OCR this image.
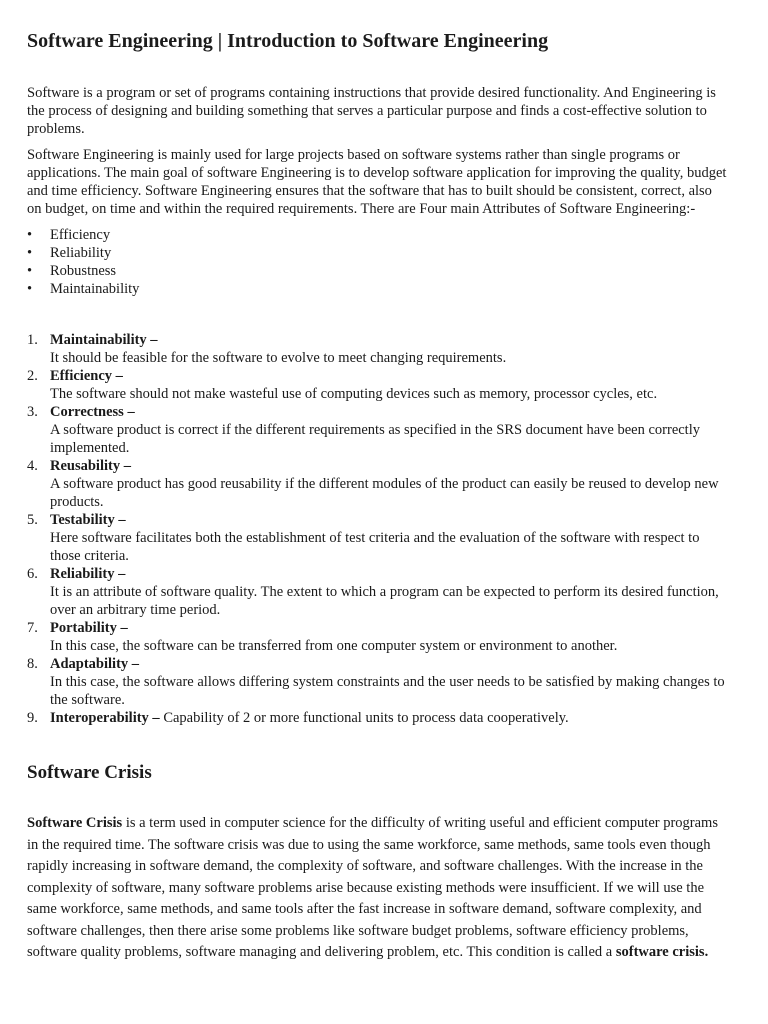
Software Engineering | Introduction to Software Engineering

Software is a program or set of programs containing instructions that provide desired functionality. And Engineering is the process of designing and building something that serves a particular purpose and finds a cost-effective solution to problems.

Software Engineering is mainly used for large projects based on software systems rather than single programs or applications. The main goal of software Engineering is to develop software application for improving the quality, budget and time efficiency. Software Engineering ensures that the software that has to built should be consistent, correct, also on budget, on time and within the required requirements. There are Four main Attributes of Software Engineering:-

• Efficiency
• Reliability
• Robustness
• Maintainability
1. Maintainability –
It should be feasible for the software to evolve to meet changing requirements.
2. Efficiency –
The software should not make wasteful use of computing devices such as memory, processor cycles, etc.
3. Correctness –
A software product is correct if the different requirements as specified in the SRS document have been correctly implemented.
4. Reusability –
A software product has good reusability if the different modules of the product can easily be reused to develop new products.
5. Testability –
Here software facilitates both the establishment of test criteria and the evaluation of the software with respect to those criteria.
6. Reliability –
It is an attribute of software quality. The extent to which a program can be expected to perform its desired function, over an arbitrary time period.
7. Portability –
In this case, the software can be transferred from one computer system or environment to another.
8. Adaptability –
In this case, the software allows differing system constraints and the user needs to be satisfied by making changes to the software.
9. Interoperability – Capability of 2 or more functional units to process data cooperatively.
Software Crisis

Software Crisis is a term used in computer science for the difficulty of writing useful and efficient computer programs in the required time. The software crisis was due to using the same workforce, same methods, same tools even though rapidly increasing in software demand, the complexity of software, and software challenges. With the increase in the complexity of software, many software problems arise because existing methods were insufficient. If we will use the same workforce, same methods, and same tools after the fast increase in software demand, software complexity, and software challenges, then there arise some problems like software budget problems, software efficiency problems, software quality problems, software managing and delivering problem, etc. This condition is called a software crisis.
